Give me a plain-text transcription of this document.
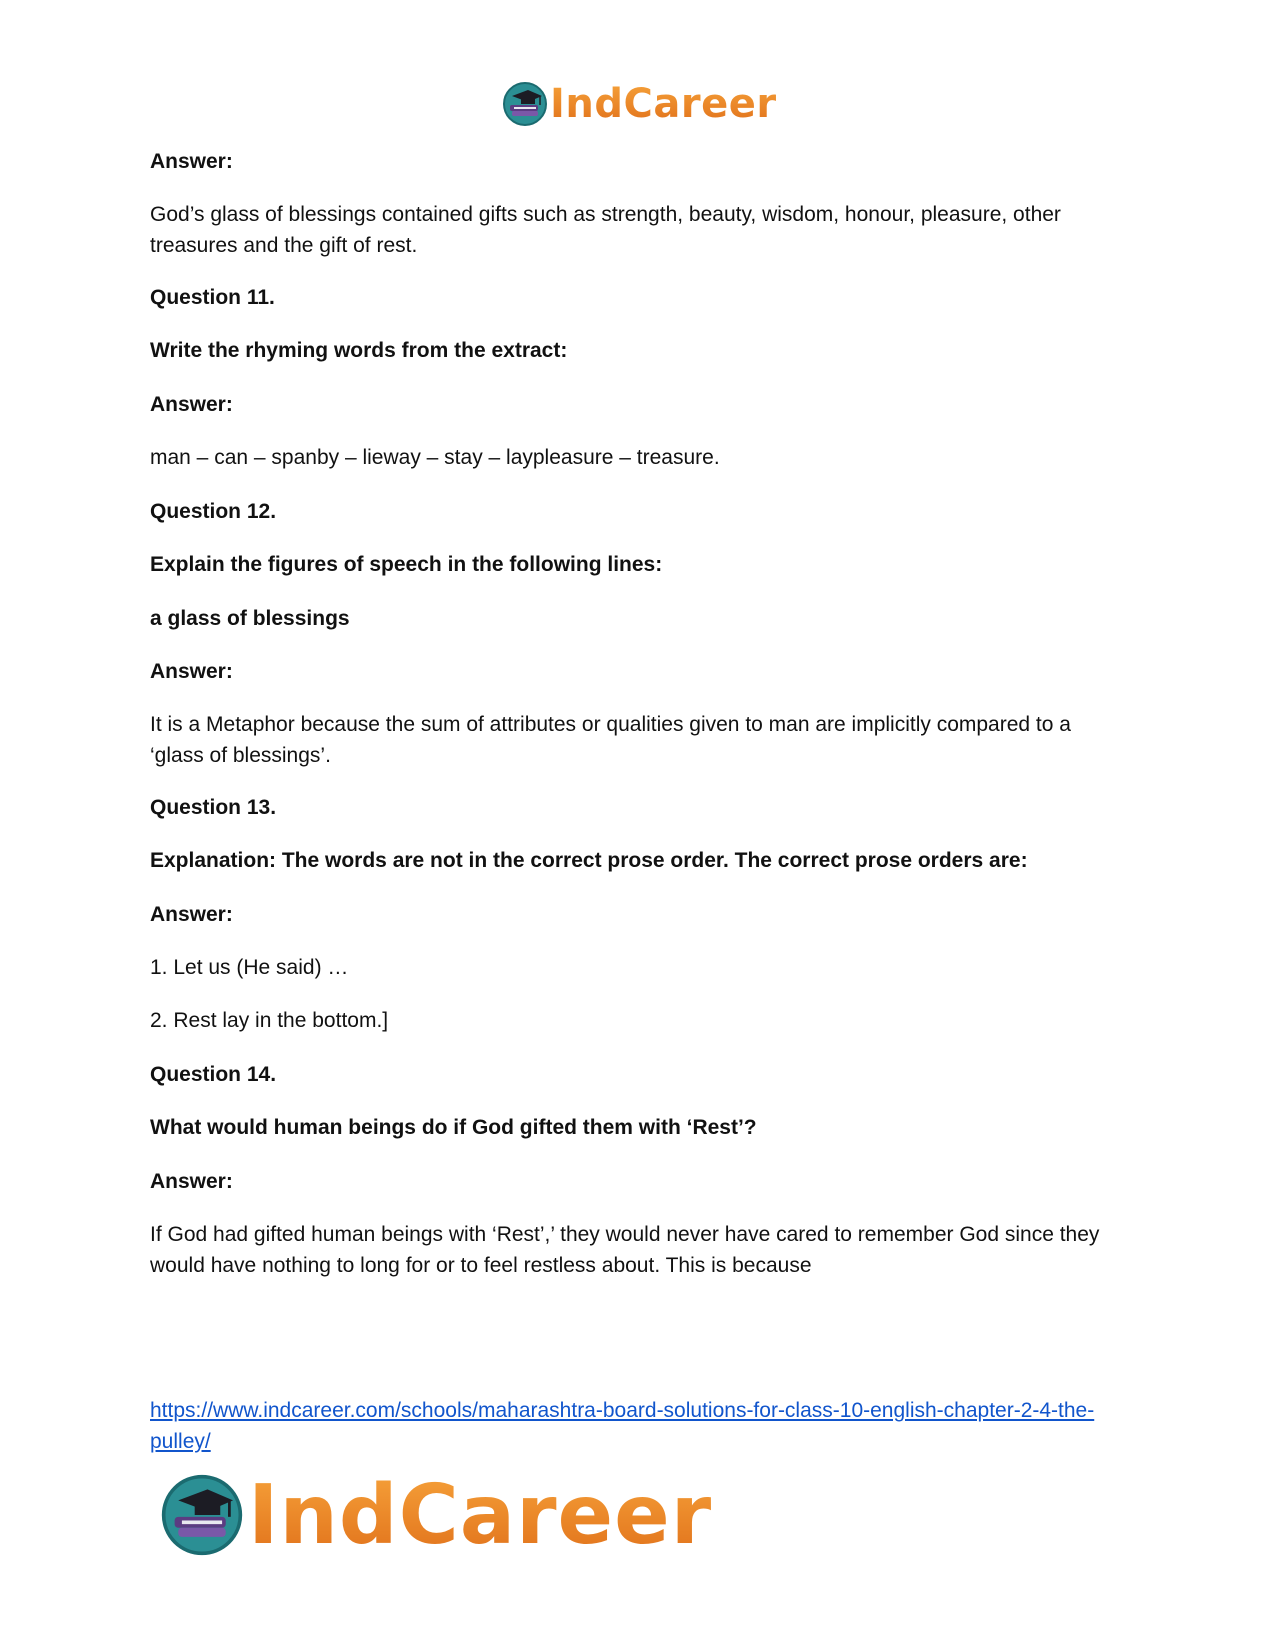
IndCareer

Answer:

God’s glass of blessings contained gifts such as strength, beauty, wisdom, honour, pleasure, other treasures and the gift of rest.

Question 11.

Write the rhyming words from the extract:

Answer:

man – can – spanby – lieway – stay – laypleasure – treasure.

Question 12.

Explain the figures of speech in the following lines:

a glass of blessings

Answer:

It is a Metaphor because the sum of attributes or qualities given to man are implicitly compared to a ‘glass of blessings’.

Question 13.

Explanation: The words are not in the correct prose order. The correct prose orders are:

Answer:

1. Let us (He said) …

2. Rest lay in the bottom.]

Question 14.

What would human beings do if God gifted them with ‘Rest’?

Answer:

If God had gifted human beings with ‘Rest’,’ they would never have cared to remember God since they would have nothing to long for or to feel restless about. This is because

https://www.indcareer.com/schools/maharashtra-board-solutions-for-class-10-english-chapter-2-4-the-pulley/
IndCareer
